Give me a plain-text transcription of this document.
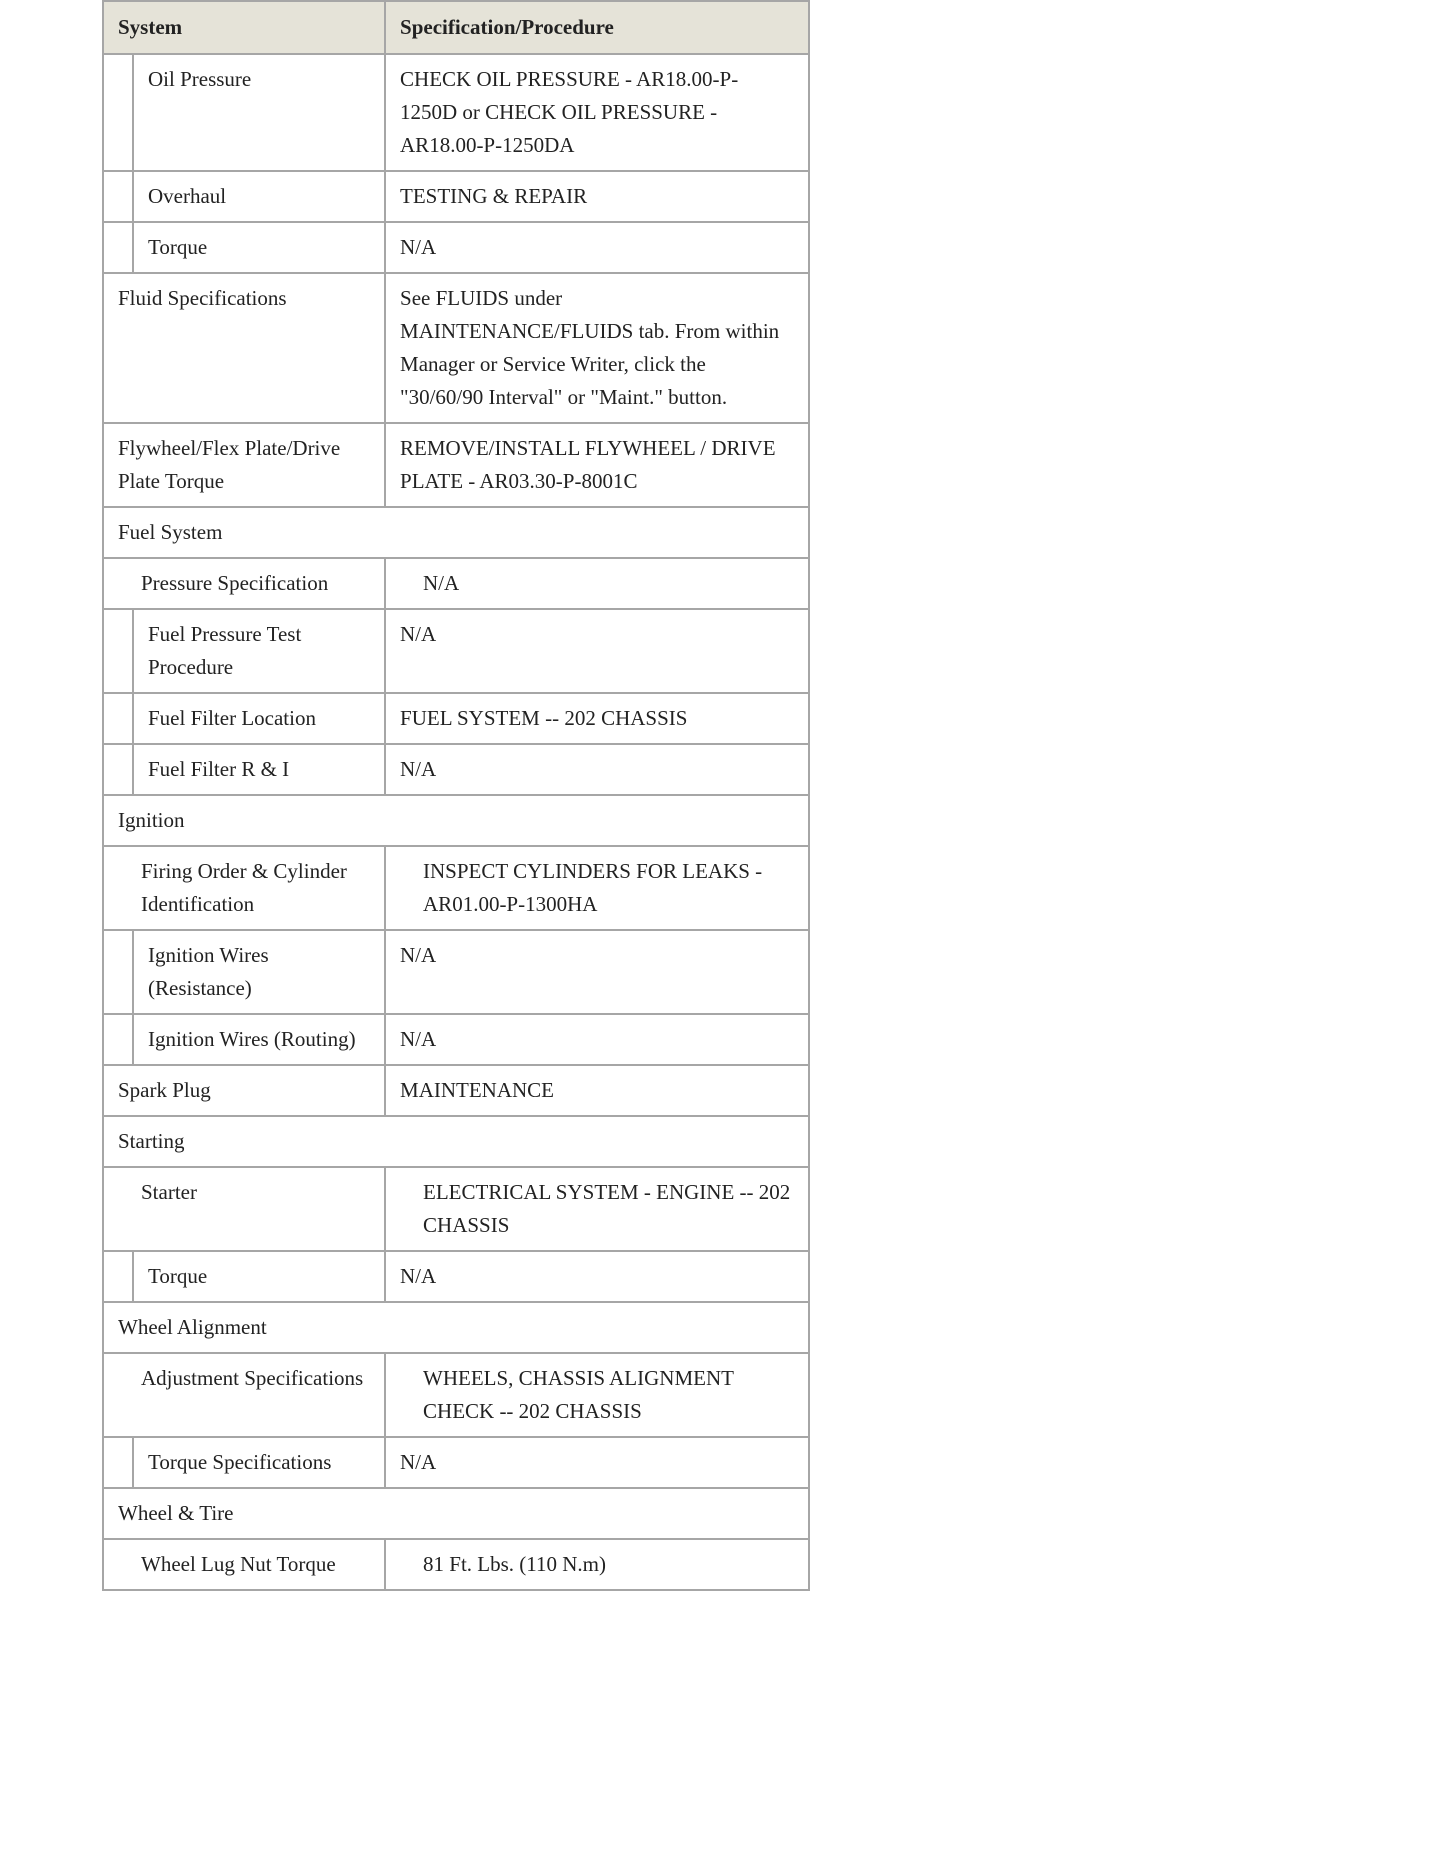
System		Specification/Procedure
	Oil Pressure	CHECK OIL PRESSURE - AR18.00-P-1250D or CHECK OIL PRESSURE - AR18.00-P-1250DA
	Overhaul	TESTING & REPAIR
	Torque	N/A
Fluid Specifications		See FLUIDS under MAINTENANCE/FLUIDS tab. From within Manager or Service Writer, click the "30/60/90 Interval" or "Maint." button.
Flywheel/Flex Plate/Drive Plate Torque		REMOVE/INSTALL FLYWHEEL / DRIVE PLATE - AR03.30-P-8001C
Fuel System		
Pressure Specification		N/A
	Fuel Pressure Test Procedure	N/A
	Fuel Filter Location	FUEL SYSTEM -- 202 CHASSIS
	Fuel Filter R & I	N/A
Ignition		
Firing Order & Cylinder Identification		INSPECT CYLINDERS FOR LEAKS - AR01.00-P-1300HA
	Ignition Wires (Resistance)	N/A
	Ignition Wires (Routing)	N/A
Spark Plug		MAINTENANCE
Starting		
Starter		ELECTRICAL SYSTEM - ENGINE -- 202 CHASSIS
	Torque	N/A
Wheel Alignment		
Adjustment Specifications		WHEELS, CHASSIS ALIGNMENT CHECK -- 202 CHASSIS
	Torque Specifications	N/A
Wheel & Tire		
Wheel Lug Nut Torque		81 Ft. Lbs. (110 N.m)
